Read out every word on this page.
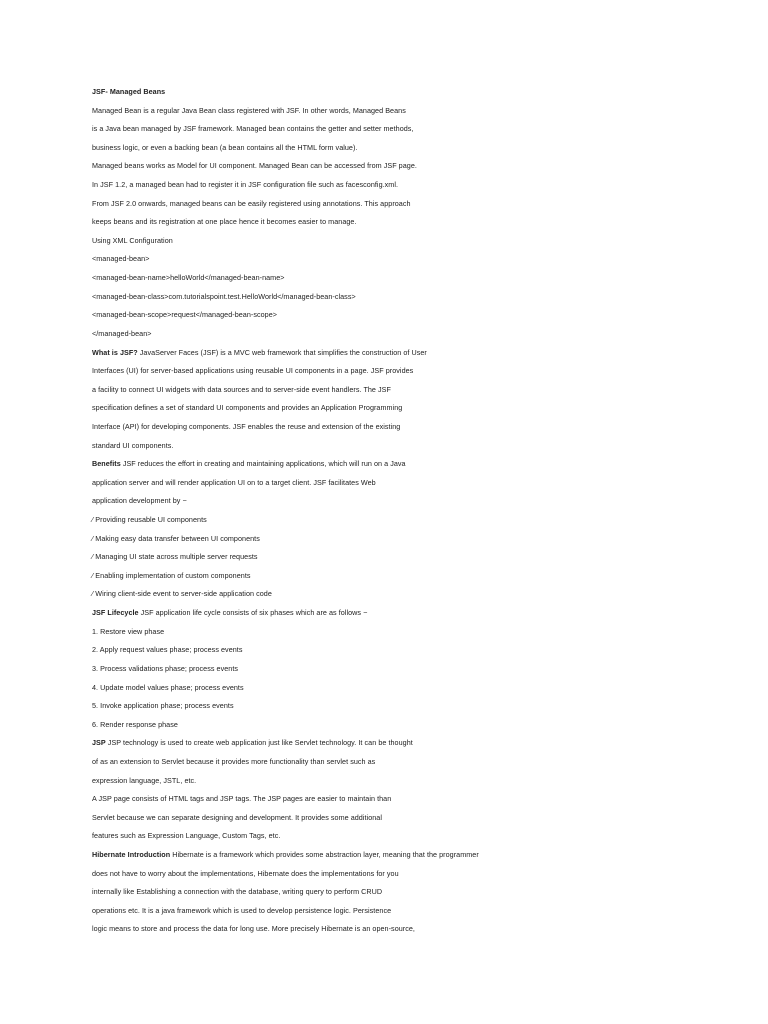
JSF- Managed Beans
Managed Bean is a regular Java Bean class registered with JSF. In other words, Managed Beans
is a Java bean managed by JSF framework. Managed bean contains the getter and setter methods,
business logic, or even a backing bean (a bean contains all the HTML form value).
Managed beans works as Model for UI component. Managed Bean can be accessed from JSF page.
In JSF 1.2, a managed bean had to register it in JSF configuration file such as facesconfig.xml.
From JSF 2.0 onwards, managed beans can be easily registered using annotations. This approach
keeps beans and its registration at one place hence it becomes easier to manage.
Using XML Configuration
<managed-bean>
<managed-bean-name>helloWorld</managed-bean-name>
<managed-bean-class>com.tutorialspoint.test.HelloWorld</managed-bean-class>
<managed-bean-scope>request</managed-bean-scope>
</managed-bean>
What is JSF? JavaServer Faces (JSF) is a MVC web framework that simplifies the construction of User
Interfaces (UI) for server-based applications using reusable UI components in a page. JSF provides
a facility to connect UI widgets with data sources and to server-side event handlers. The JSF
specification defines a set of standard UI components and provides an Application Programming
Interface (API) for developing components. JSF enables the reuse and extension of the existing
standard UI components.
Benefits JSF reduces the effort in creating and maintaining applications, which will run on a Java
application server and will render application UI on to a target client. JSF facilitates Web
application development by −
⁄ Providing reusable UI components
⁄ Making easy data transfer between UI components
⁄ Managing UI state across multiple server requests
⁄ Enabling implementation of custom components
⁄ Wiring client-side event to server-side application code
JSF Lifecycle JSF application life cycle consists of six phases which are as follows −
1. Restore view phase
2. Apply request values phase; process events
3. Process validations phase; process events
4. Update model values phase; process events
5. Invoke application phase; process events
6. Render response phase
JSP JSP technology is used to create web application just like Servlet technology. It can be thought
of as an extension to Servlet because it provides more functionality than servlet such as
expression language, JSTL, etc.
A JSP page consists of HTML tags and JSP tags. The JSP pages are easier to maintain than
Servlet because we can separate designing and development. It provides some additional
features such as Expression Language, Custom Tags, etc.
Hibernate Introduction Hibernate is a framework which provides some abstraction layer, meaning that the programmer
does not have to worry about the implementations, Hibernate does the implementations for you
internally like Establishing a connection with the database, writing query to perform CRUD
operations etc. It is a java framework which is used to develop persistence logic. Persistence
logic means to store and process the data for long use. More precisely Hibernate is an open-source,
